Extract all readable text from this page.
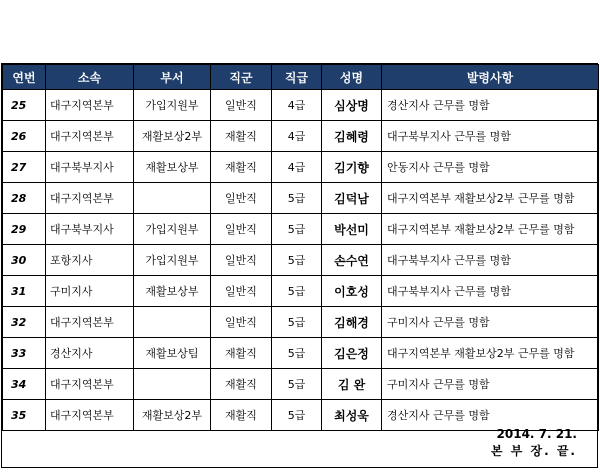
연번	소속	부서	직군	직급	성명	발령사항
25	대구지역본부	가입지원부	일반직	4급	심상명	경산지사 근무를 명함
26	대구지역본부	재활보상2부	재활직	4급	김혜령	대구북부지사 근무를 명함
27	대구북부지사	재활보상부	재활직	4급	김기향	안동지사 근무를 명함
28	대구지역본부		일반직	5급	김덕남	대구지역본부 재활보상2부 근무를 명함
29	대구북부지사	가입지원부	일반직	5급	박선미	대구지역본부 재활보상2부 근무를 명함
30	포항지사	가입지원부	일반직	5급	손수연	대구북부지사 근무를 명함
31	구미지사	재활보상부	일반직	5급	이호성	대구북부지사 근무를 명함
32	대구지역본부		일반직	5급	김해경	구미지사 근무를 명함
33	경산지사	재활보상팀	재활직	5급	김은정	대구지역본부 재활보상2부 근무를 명함
34	대구지역본부		재활직	5급	김 완	구미지사 근무를 명함
35	대구지역본부	재활보상2부	재활직	5급	최성욱	경산지사 근무를 명함
2014. 7. 21.
본 부 장. 끝.
